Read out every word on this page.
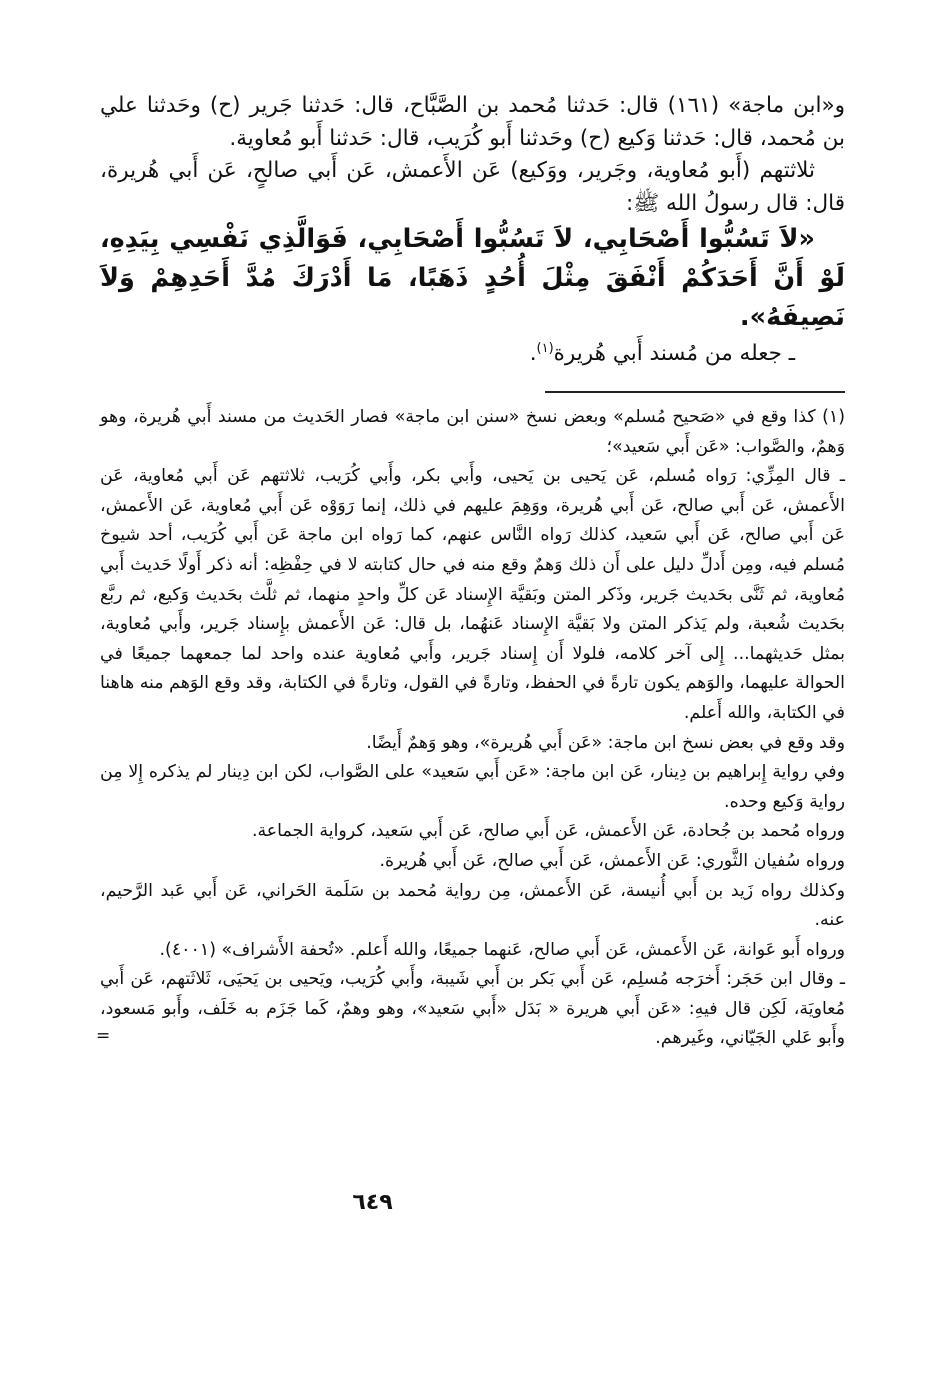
و«ابن ماجة» (١٦١) قال: حَدثنا مُحمد بن الصَّبَّاح، قال: حَدثنا جَرير (ح) وحَدثنا علي بن مُحمد، قال: حَدثنا وَكيع (ح) وحَدثنا أَبو كُرَيب، قال: حَدثنا أَبو مُعاوية.

ثلاثتهم (أَبو مُعاوية، وجَرير، ووَكيع) عَن الأَعمش، عَن أَبي صالحٍ، عَن أَبي هُريرة، قال: قال رسولُ الله ﷺ:

«لاَ تَسُبُّوا أَصْحَابِي، لاَ تَسُبُّوا أَصْحَابِي، فَوَالَّذِي نَفْسِي بِيَدِهِ، لَوْ أَنَّ أَحَدَكُمْ أَنْفَقَ مِثْلَ أُحُدٍ ذَهَبًا، مَا أَدْرَكَ مُدَّ أَحَدِهِمْ وَلاَ نَصِيفَهُ».

ـ جعله من مُسند أَبي هُريرة$^{(١)}$.

(١) كذا وقع في «صَحيح مُسلم» وبعض نسخ «سنن ابن ماجة» فصار الحَديث من مسند أَبي هُريرة، وهو وَهمٌ، والصَّواب: «عَن أَبي سَعيد»؛

ـ قال المِزِّي: رَواه مُسلم، عَن يَحيى بن يَحيى، وأَبي بكر، وأَبي كُرَيب، ثلاثتهم عَن أَبي مُعاوية، عَن الأَعمش، عَن أَبي صالح، عَن أَبي هُريرة، ووَهِمَ عليهم في ذلك، إنما رَوَوْه عَن أَبي مُعاوية، عَن الأَعمش، عَن أَبي صالح، عَن أَبي سَعيد، كذلك رَواه النَّاس عنهم، كما رَواه ابن ماجة عَن أَبي كُرَيب، أحد شيوخ مُسلم فيه، ومِن أَدلِّ دليل على أَن ذلك وَهمٌ وقع منه في حال كتابته لا في حِفْظِه: أنه ذكر أَولًا حَديث أَبي مُعاوية، ثم ثَنَّى بحَديث جَرير، وذَكر المتن وبَقيَّة الإِسناد عَن كلِّ واحدٍ منهما، ثم ثلَّث بحَديث وَكيع، ثم ربَّع بحَديث شُعبة، ولم يَذكر المتن ولا بَقيَّة الإِسناد عَنهُما، بل قال: عَن الأَعمش بإِسناد جَرير، وأَبي مُعاوية، بمثل حَديثهما... إِلى آخر كلامه، فلولا أَن إِسناد جَرير، وأَبي مُعاوية عنده واحد لما جمعهما جميعًا في الحوالة عليهما، والوَهم يكون تارةً في الحفظ، وتارةً في القول، وتارةً في الكتابة، وقد وقع الوَهم منه هاهنا في الكتابة، والله أَعلم.

وقد وقع في بعض نسخ ابن ماجة: «عَن أَبي هُريرة»، وهو وَهمٌ أَيضًا.

وفي رواية إِبراهيم بن دِينار، عَن ابن ماجة: «عَن أَبي سَعيد» على الصَّواب، لكن ابن دِينار لم يذكره إِلا مِن رواية وَكيع وحده.

ورواه مُحمد بن جُحادة، عَن الأَعمش، عَن أَبي صالح، عَن أَبي سَعيد، كرواية الجماعة.

ورواه سُفيان الثَّوري: عَن الأَعمش، عَن أَبي صالح، عَن أَبي هُريرة.

وكذلك رواه زَيد بن أَبي أُنيسة، عَن الأَعمش، مِن رواية مُحمد بن سَلَمة الحَراني، عَن أَبي عَبد الرَّحيم، عنه.

ورواه أَبو عَوانة، عَن الأَعمش، عَن أَبي صالح، عَنهما جميعًا، والله أَعلم. «تُحفة الأَشراف» (٤٠٠١).

ـ وقال ابن حَجَر: أَخرَجه مُسلِم، عَن أَبي بَكر بن أَبي شَيبة، وأَبي كُرَيب، ويَحيى بن يَحيَى، ثَلاثَتهم، عَن أَبي مُعاويَة، لَكِن قال فيهِ: «عَن أَبي هريرة « بَدَل «أَبي سَعيد»، وهو وهمٌ، كَما جَزَم به خَلَف، وأَبو مَسعود، وأَبو عَلي الجَيّاني، وغَيرهم.
=

٦٤٩
